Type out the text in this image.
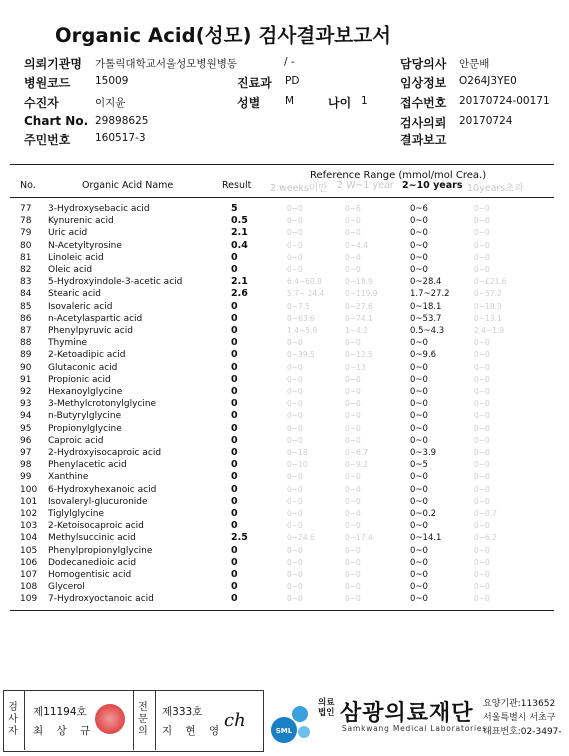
Organic Acid(성모) 검사결과보고서
의뢰기관명 가톨릭대학교서울성모병원병동	/ -
병원코드 15009	진료과 PD
수진자	이지윤	성별 M	나이 1
Chart No. 29898625
주민번호 160517-3
담당의사 안문배
임상정보 O264J3YE0
접수번호 20170724-00171
검사의뢰 20170724
결과보고
Reference Range (mmol/mol Crea.)
No.	Organic Acid Name	Result 2 weeks미만 2 W~1 year 2~10 years 10years초과
77 3-Hydroxysebacic acid	5	0~0	0~6	0~6	0~0
78 Kynurenic acid	0.5	0~0	0~0	0~0	0~0
79 Uric acid	2.1	0~0	0~0	0~0	0~0
80 N-Acetyltyrosine	0.4	0~0	0~4.4	0~0	0~0
81 Linoleic acid	0	0~0	0~0	0~0	0~0
82 Oleic acid	0	0~0	0~0	0~0	0~0
83 5-Hydroxyindole-3-acetic acid	2.1	6.4~60.9	0~18.9	0~28.4	0~£21.6
84 Stearic acid	2.6	5.7~ 24.4	0~119.9	1.7~27.2	0~57.2
85 Isovaleric acid	0	0~7.5	0~27.6	0~18.1	0~18.3
86 n-Acetylaspartic acid	0	0~63.6	0~74.1	0~53.7	0~13.1
87 Phenylpyruvic acid	0	1.4~5.9	1~4.2	0.5~4.3	2.4~1.9
88 Thymine	0	0~0	0~0	0~0	0~0
89 2-Ketoadipic acid	0	0~39.5	0~12.5	0~9.6	0~0
90 Glutaconic acid	0	0~0	0~13	0~0	0~0
91 Propionic acid	0	0~0	0~0	0~0	0~0
92 Hexanoylglycine	0	0~0	0~0	0~0	0~0
93 3-Methylcrotonylglycine	0	0~0	0~0	0~0	0~0
94 n-Butyrylglycine	0	0~0	0~0	0~0	0~0
95 Propionylglycine	0	0~0	0~0	0~0	0~0
96 Caproic acid	0	0~0	0~0	0~0	0~0
97 2-Hydroxyisocaproic acid	0	0~18	0~6.7	0~3.9	0~0
98 Phenylacetic acid	0	0~10	0~9.2	0~5	0~0
99 Xanthine	0	0~0	0~0	0~0	0~0
100 6-Hydroxyhexanoic acid	0	0~0	0~0	0~0	0~0
101 Isovaleryl-glucuronide	0	0~0	0~0	0~0	0~0
102 Tiglylglycine	0	0~0	0~0	0~0.2	0~0.7
103 2-Ketoisocaproic acid	0	0~0	0~0	0~0	0~0
104 Methylsuccinic acid	2.5	0~24.6	0~17.4	0~14.1	0~6.2
105 Phenylpropionylglycine	0	0~0	0~0	0~0	0~0
106 Dodecanedioic acid	0	0~0	0~0	0~0	0~0
107 Homogentisic acid	0	0~0	0~0	0~0	0~0
108 Glycerol	0	0~0	0~0	0~0	0~0
109 7-Hydroxyoctanoic acid	0	0~0	0~0	0~0	0~0
검사자
제11194호
최 상 규
전문의
제333호
지 현 영 ch	SML
의료법인 삼광의료재단
Samkwang Medical Laboratories
요양기관:113652
서울특별시 서초구
대표번호:02-3497-
